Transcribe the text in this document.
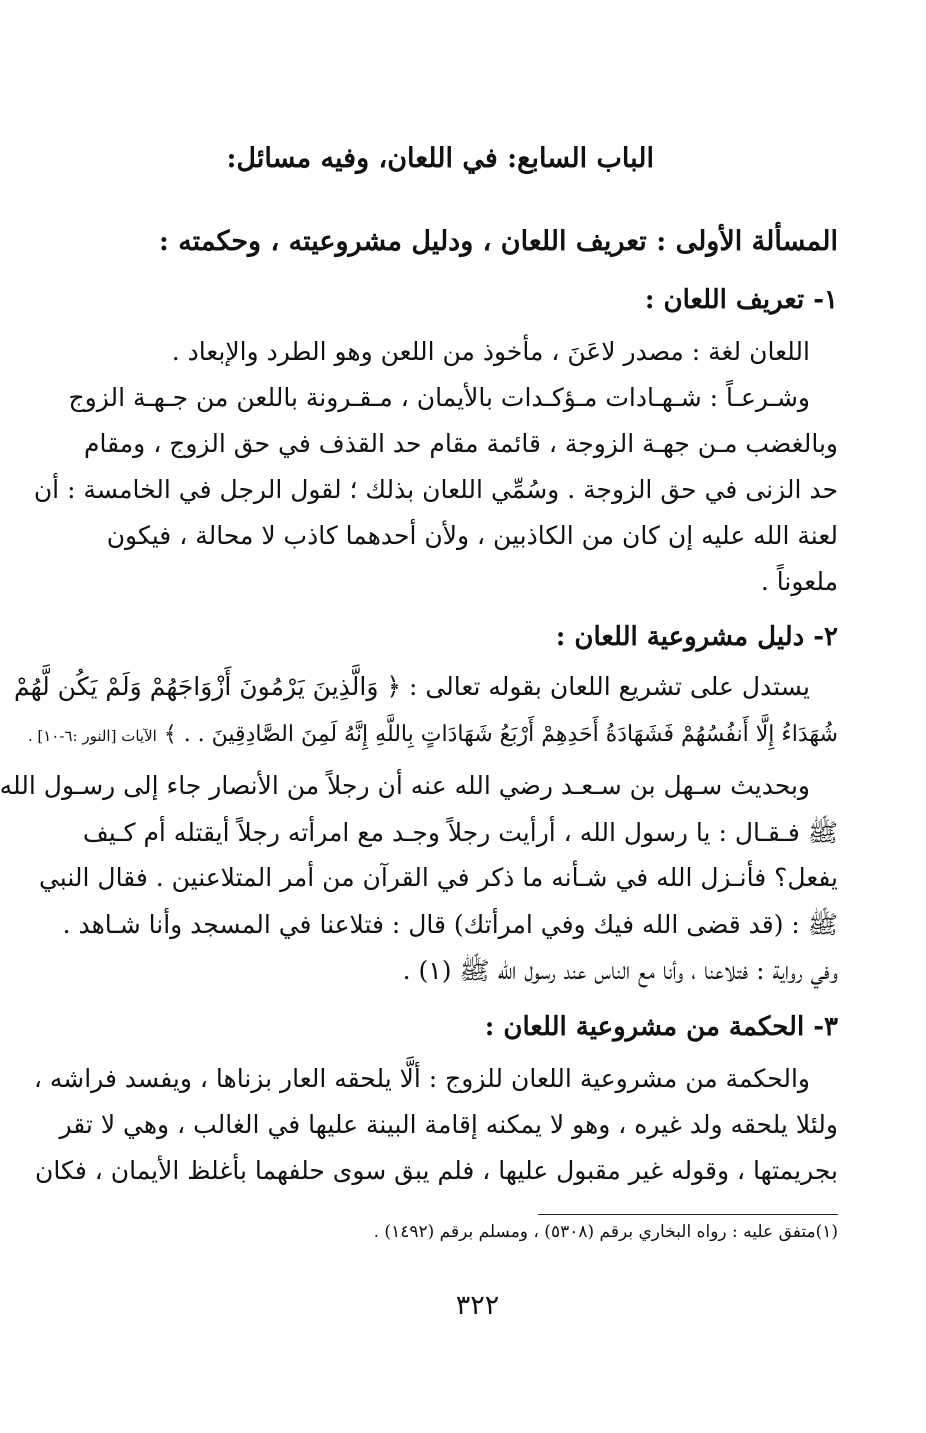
الباب السابع: في اللعان، وفيه مسائل:
المسألة الأولى : تعريف اللعان ، ودليل مشروعيته ، وحكمته :
١- تعريف اللعان :
اللعان لغة : مصدر لاعَنَ ، مأخوذ من اللعن وهو الطرد والإبعاد .
وشـرعـاً : شـهـادات مـؤكـدات بالأيمان ، مـقـرونة باللعن من جـهـة الزوج
وبالغضب مـن جهـة الزوجة ، قائمة مقام حد القذف في حق الزوج ، ومقام
حد الزنى في حق الزوجة . وسُمِّي اللعان بذلك ؛ لقول الرجل في الخامسة : أن
لعنة الله عليه إن كان من الكاذبين ، ولأن أحدهما كاذب لا محالة ، فيكون
ملعوناً .
٢- دليل مشروعية اللعان :
يستدل على تشريع اللعان بقوله تعالى : ﴿ وَالَّذِينَ يَرْمُونَ أَزْوَاجَهُمْ وَلَمْ يَكُن لَّهُمْ
شُهَدَاءُ إِلَّا أَنفُسُهُمْ فَشَهَادَةُ أَحَدِهِمْ أَرْبَعُ شَهَادَاتٍ بِاللَّهِ إِنَّهُ لَمِنَ الصَّادِقِينَ . . ﴾ الآيات [النور :٦-١٠] .
وبحديث سـهل بن سـعـد رضي الله عنه أن رجلاً من الأنصار جاء إلى رسـول الله
ﷺ فـقـال : يا رسول الله ، أرأيت رجلاً وجـد مع امرأته رجلاً أيقتله أم كـيف
يفعل؟ فأنـزل الله في شـأنه ما ذكر في القرآن من أمر المتلاعنين . فقال النبي
ﷺ : (قد قضى الله فيك وفي امرأتك) قال : فتلاعنا في المسجد وأنا شـاهد .
وفي رواية : فتلاعنا ، وأنا مع الناس عند رسول الله ﷺ (١) .
٣- الحكمة من مشروعية اللعان :
والحكمة من مشروعية اللعان للزوج : ألَّا يلحقه العار بزناها ، ويفسد فراشه ،
ولئلا يلحقه ولد غيره ، وهو لا يمكنه إقامة البينة عليها في الغالب ، وهي لا تقر
بجريمتها ، وقوله غير مقبول عليها ، فلم يبق سوى حلفهما بأغلظ الأيمان ، فكان
(١)متفق عليه : رواه البخاري برقم (٥٣٠٨) ، ومسلم برقم (١٤٩٢) .
٣٢٢
